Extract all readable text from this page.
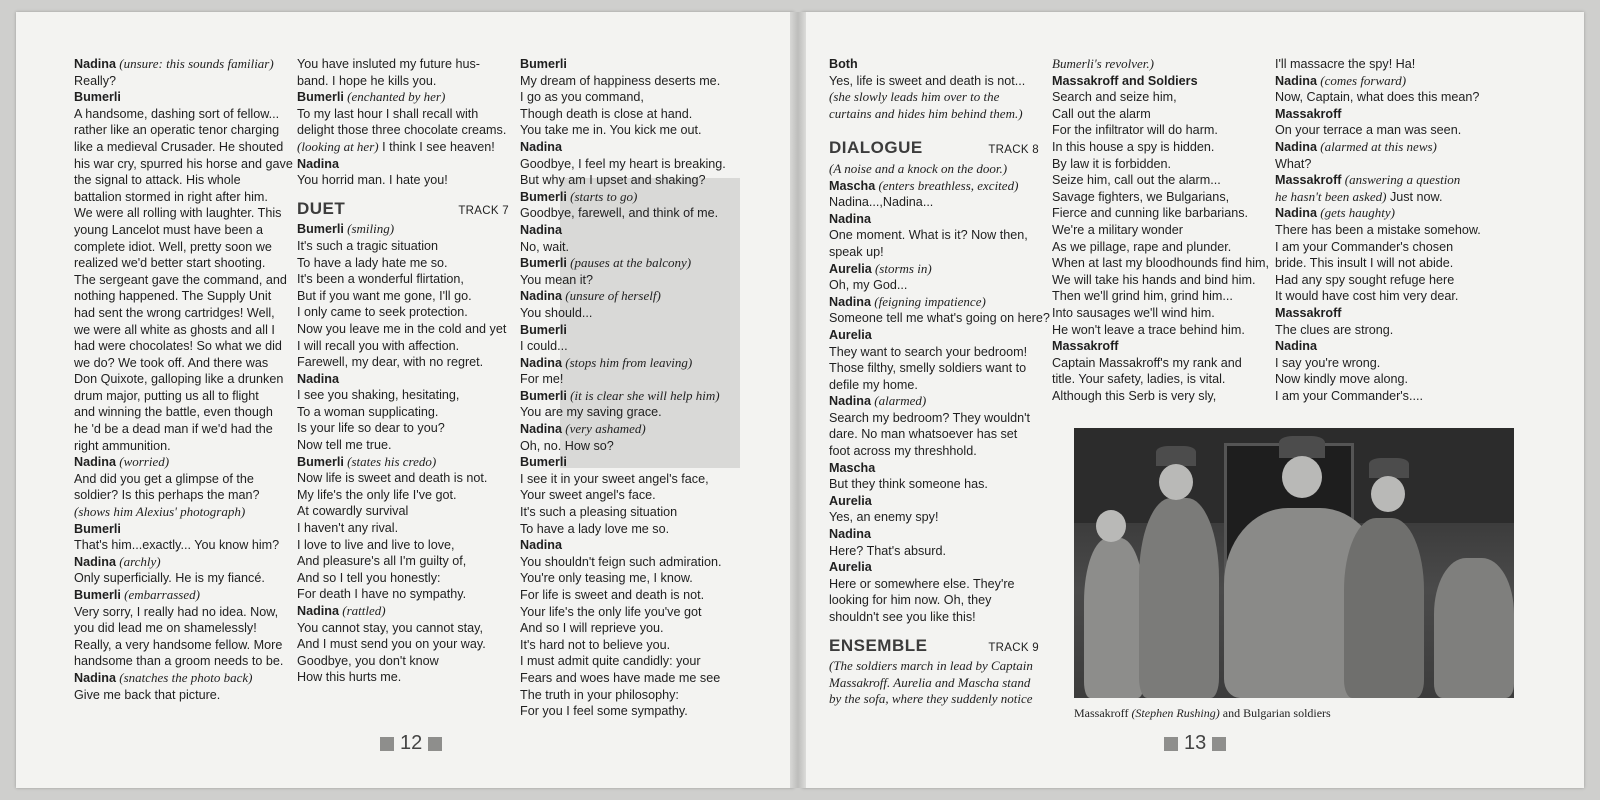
Nadina (unsure: this sounds familiar)

Really?

Bumerli

A handsome, dashing sort of fellow...

rather like an operatic tenor charging

like a medieval Crusader. He shouted

his war cry, spurred his horse and gave

the signal to attack. His whole

battalion stormed in right after him.

We were all rolling with laughter. This

young Lancelot must have been a

complete idiot. Well, pretty soon we

realized we'd better start shooting.

The sergeant gave the command, and

nothing happened. The Supply Unit

had sent the wrong cartridges! Well,

we were all white as ghosts and all I

had were chocolates! So what we did

we do? We took off. And there was

Don Quixote, galloping like a drunken

drum major, putting us all to flight

and winning the battle, even though

he 'd be a dead man if we'd had the

right ammunition.

Nadina (worried)

And did you get a glimpse of the

soldier? Is this perhaps the man?

(shows him Alexius' photograph)

Bumerli

That's him...exactly... You know him?

Nadina (archly)

Only superficially. He is my fiancé.

Bumerli (embarrassed)

Very sorry, I really had no idea. Now,

you did lead me on shamelessly!

Really, a very handsome fellow. More

handsome than a groom needs to be.

Nadina (snatches the photo back)

Give me back that picture.

You have insluted my future hus-

band. I hope he kills you.

Bumerli (enchanted by her)

To my last hour I shall recall with

delight those three chocolate creams.

(looking at her) I think I see heaven!

Nadina

You horrid man. I hate you!

DUET	TRACK 7

Bumerli (smiling)

It's such a tragic situation

To have a lady hate me so.

It's been a wonderful flirtation,

But if you want me gone, I'll go.

I only came to seek protection.

Now you leave me in the cold and yet

I will recall you with affection.

Farewell, my dear, with no regret.

Nadina

I see you shaking, hesitating,

To a woman supplicating.

Is your life so dear to you?

Now tell me true.

Bumerli (states his credo)

Now life is sweet and death is not.

My life's the only life I've got.

At cowardly survival

I haven't any rival.

I love to live and live to love,

And pleasure's all I'm guilty of,

And so I tell you honestly:

For death I have no sympathy.

Nadina (rattled)

You cannot stay, you cannot stay,

And I must send you on your way.

Goodbye, you don't know

How this hurts me.

Bumerli

My dream of happiness deserts me.

I go as you command,

Though death is close at hand.

You take me in. You kick me out.

Nadina

Goodbye, I feel my heart is breaking.

But why am I upset and shaking?

Bumerli (starts to go)

Goodbye, farewell, and think of me.

Nadina

No, wait.

Bumerli (pauses at the balcony)

You mean it?

Nadina (unsure of herself)

You should...

Bumerli

I could...

Nadina (stops him from leaving)

For me!

Bumerli (it is clear she will help him)

You are my saving grace.

Nadina (very ashamed)

Oh, no. How so?

Bumerli

I see it in your sweet angel's face,

Your sweet angel's face.

It's such a pleasing situation

To have a lady love me so.

Nadina

You shouldn't feign such admiration.

You're only teasing me, I know.

For life is sweet and death is not.

Your life's the only life you've got

And so I will reprieve you.

It's hard not to believe you.

I must admit quite candidly: your

Fears and woes have made me see

The truth in your philosophy:

For you I feel some sympathy.

Both

Yes, life is sweet and death is not...

(she slowly leads him over to the

curtains and hides him behind them.)

DIALOGUE	TRACK 8

(A noise and a knock on the door.)

Mascha (enters breathless, excited)

Nadina...,Nadina...

Nadina

One moment. What is it? Now then,

speak up!

Aurelia (storms in)

Oh, my God...

Nadina (feigning impatience)

Someone tell me what's going on here?

Aurelia

They want to search your bedroom!

Those filthy, smelly soldiers want to

defile my home.

Nadina (alarmed)

Search my bedroom? They wouldn't

dare. No man whatsoever has set

foot across my threshhold.

Mascha

But they think someone has.

Aurelia

Yes, an enemy spy!

Nadina

Here? That's absurd.

Aurelia

Here or somewhere else. They're

looking for him now. Oh, they

shouldn't see you like this!

ENSEMBLE	TRACK 9

(The soldiers march in lead by Captain

Massakroff. Aurelia and Mascha stand

by the sofa, where they suddenly notice

Bumerli's revolver.)

Massakroff and Soldiers

Search and seize him,

Call out the alarm

For the infiltrator will do harm.

In this house a spy is hidden.

By law it is forbidden.

Seize him, call out the alarm...

Savage fighters, we Bulgarians,

Fierce and cunning like barbarians.

We're a military wonder

As we pillage, rape and plunder.

When at last my bloodhounds find him,

We will take his hands and bind him.

Then we'll grind him, grind him...

Into sausages we'll wind him.

He won't leave a trace behind him.

Massakroff

Captain Massakroff's my rank and

title. Your safety, ladies, is vital.

Although this Serb is very sly,

I'll massacre the spy! Ha!

Nadina (comes forward)

Now, Captain, what does this mean?

Massakroff

On your terrace a man was seen.

Nadina (alarmed at this news)

What?

Massakroff (answering a question

he hasn't been asked) Just now.

Nadina (gets haughty)

There has been a mistake somehow.

I am your Commander's chosen

bride. This insult I will not abide.

Had any spy sought refuge here

It would have cost him very dear.

Massakroff

The clues are strong.

Nadina

I say you're wrong.

Now kindly move along.

I am your Commander's....

Massakroff (Stephen Rushing) and Bulgarian soldiers
12	13
